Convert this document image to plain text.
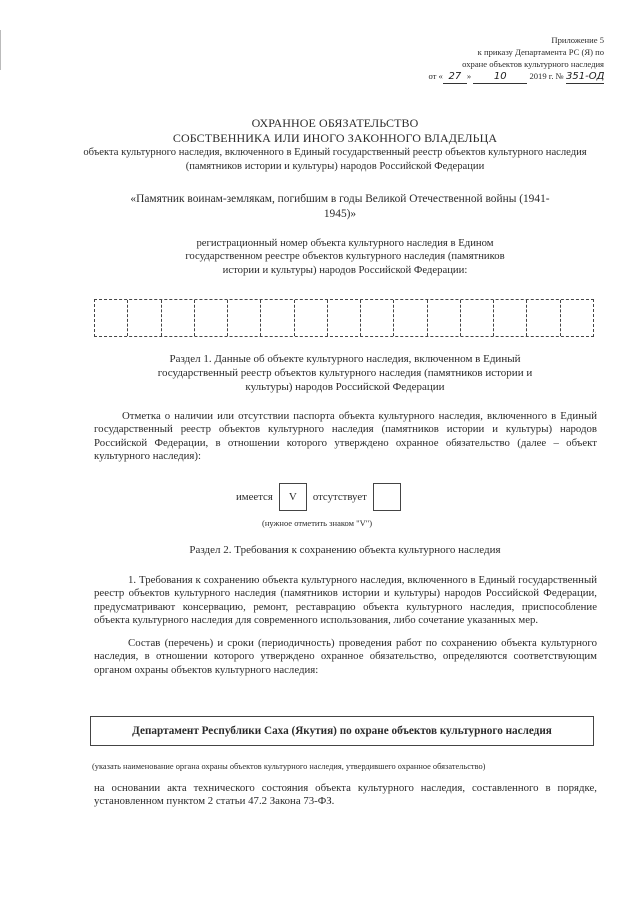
Приложение 5
к приказу Департамента РС (Я) по
охране объектов культурного наследия
от « 27 » 10	2019 г. № 351-ОД
ОХРАННОЕ ОБЯЗАТЕЛЬСТВО
СОБСТВЕННИКА ИЛИ ИНОГО ЗАКОННОГО ВЛАДЕЛЬЦА
объекта культурного наследия, включенного в Единый государственный реестр объектов культурного наследия (памятников истории и культуры) народов Российской Федерации
«Памятник воинам-землякам, погибшим в годы Великой Отечественной войны (1941-1945)»
регистрационный номер объекта культурного наследия в Едином государственном реестре объектов культурного наследия (памятников истории и культуры) народов Российской Федерации:
Раздел 1. Данные об объекте культурного наследия, включенном в Единый государственный реестр объектов культурного наследия (памятников истории и культуры) народов Российской Федерации
Отметка о наличии или отсутствии паспорта объекта культурного наследия, включенного в Единый государственный реестр объектов культурного наследия (памятников истории и культуры) народов Российской Федерации, в отношении которого утверждено охранное обязательство (далее – объект культурного наследия):
имеется	V	отсутствует
(нужное отметить знаком "V")
Раздел 2. Требования к сохранению объекта культурного наследия
1. Требования к сохранению объекта культурного наследия, включенного в Единый государственный реестр объектов культурного наследия (памятников истории и культуры) народов Российской Федерации, предусматривают консервацию, ремонт, реставрацию объекта культурного наследия, приспособление объекта культурного наследия для современного использования, либо сочетание указанных мер.
Состав (перечень) и сроки (периодичность) проведения работ по сохранению объекта культурного наследия, в отношении которого утверждено охранное обязательство, определяются соответствующим органом охраны объектов культурного наследия:
Департамент Республики Саха (Якутия) по охране объектов культурного наследия
(указать наименование органа охраны объектов культурного наследия, утвердившего охранное обязательство)
на основании акта технического состояния объекта культурного наследия, составленного в порядке, установленном пунктом 2 статьи 47.2 Закона 73-ФЗ.
